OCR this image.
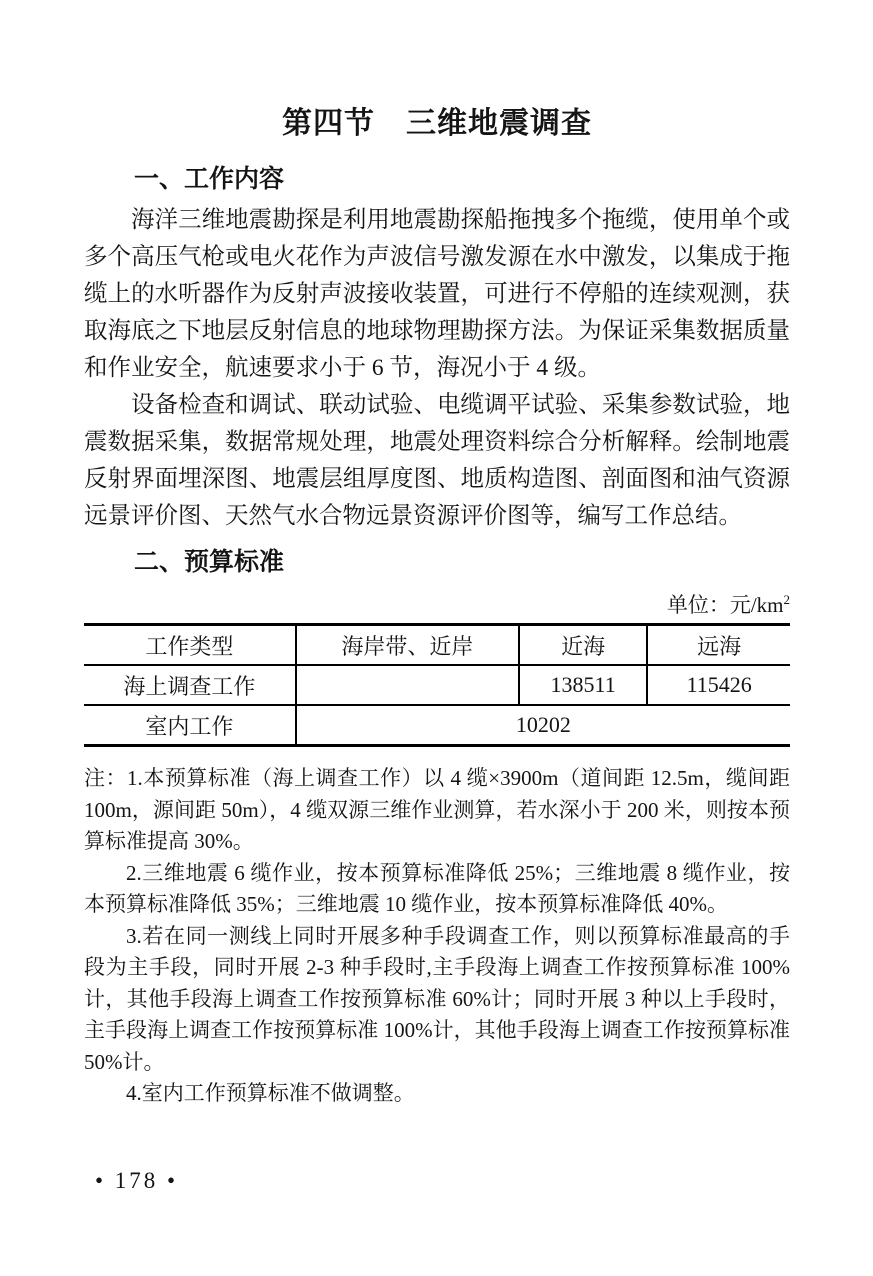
第四节　三维地震调查
一、工作内容

海洋三维地震勘探是利用地震勘探船拖拽多个拖缆，使用单个或多个高压气枪或电火花作为声波信号激发源在水中激发，以集成于拖缆上的水听器作为反射声波接收装置，可进行不停船的连续观测，获取海底之下地层反射信息的地球物理勘探方法。为保证采集数据质量和作业安全，航速要求小于 6 节，海况小于 4 级。

设备检查和调试、联动试验、电缆调平试验、采集参数试验，地震数据采集，数据常规处理，地震处理资料综合分析解释。绘制地震反射界面埋深图、地震层组厚度图、地质构造图、剖面图和油气资源远景评价图、天然气水合物远景资源评价图等，编写工作总结。

二、预算标准
单位：元$/km^2$
工作类型	海岸带、近岸	近海	远海
海上调查工作		138511	115426
室内工作	10202		

注：1.本预算标准（海上调查工作）以 4 缆×3900m（道间距 12.5m，缆间距 100m，源间距 50m），4 缆双源三维作业测算，若水深小于 200 米，则按本预算标准提高 30%。

2.三维地震 6 缆作业，按本预算标准降低 25%；三维地震 8 缆作业，按本预算标准降低 35%；三维地震 10 缆作业，按本预算标准降低 40%。

3.若在同一测线上同时开展多种手段调查工作，则以预算标准最高的手段为主手段，同时开展 2-3 种手段时,主手段海上调查工作按预算标准 100%计，其他手段海上调查工作按预算标准 60%计；同时开展 3 种以上手段时，主手段海上调查工作按预算标准 100%计，其他手段海上调查工作按预算标准 50%计。

4.室内工作预算标准不做调整。

• 178 •
